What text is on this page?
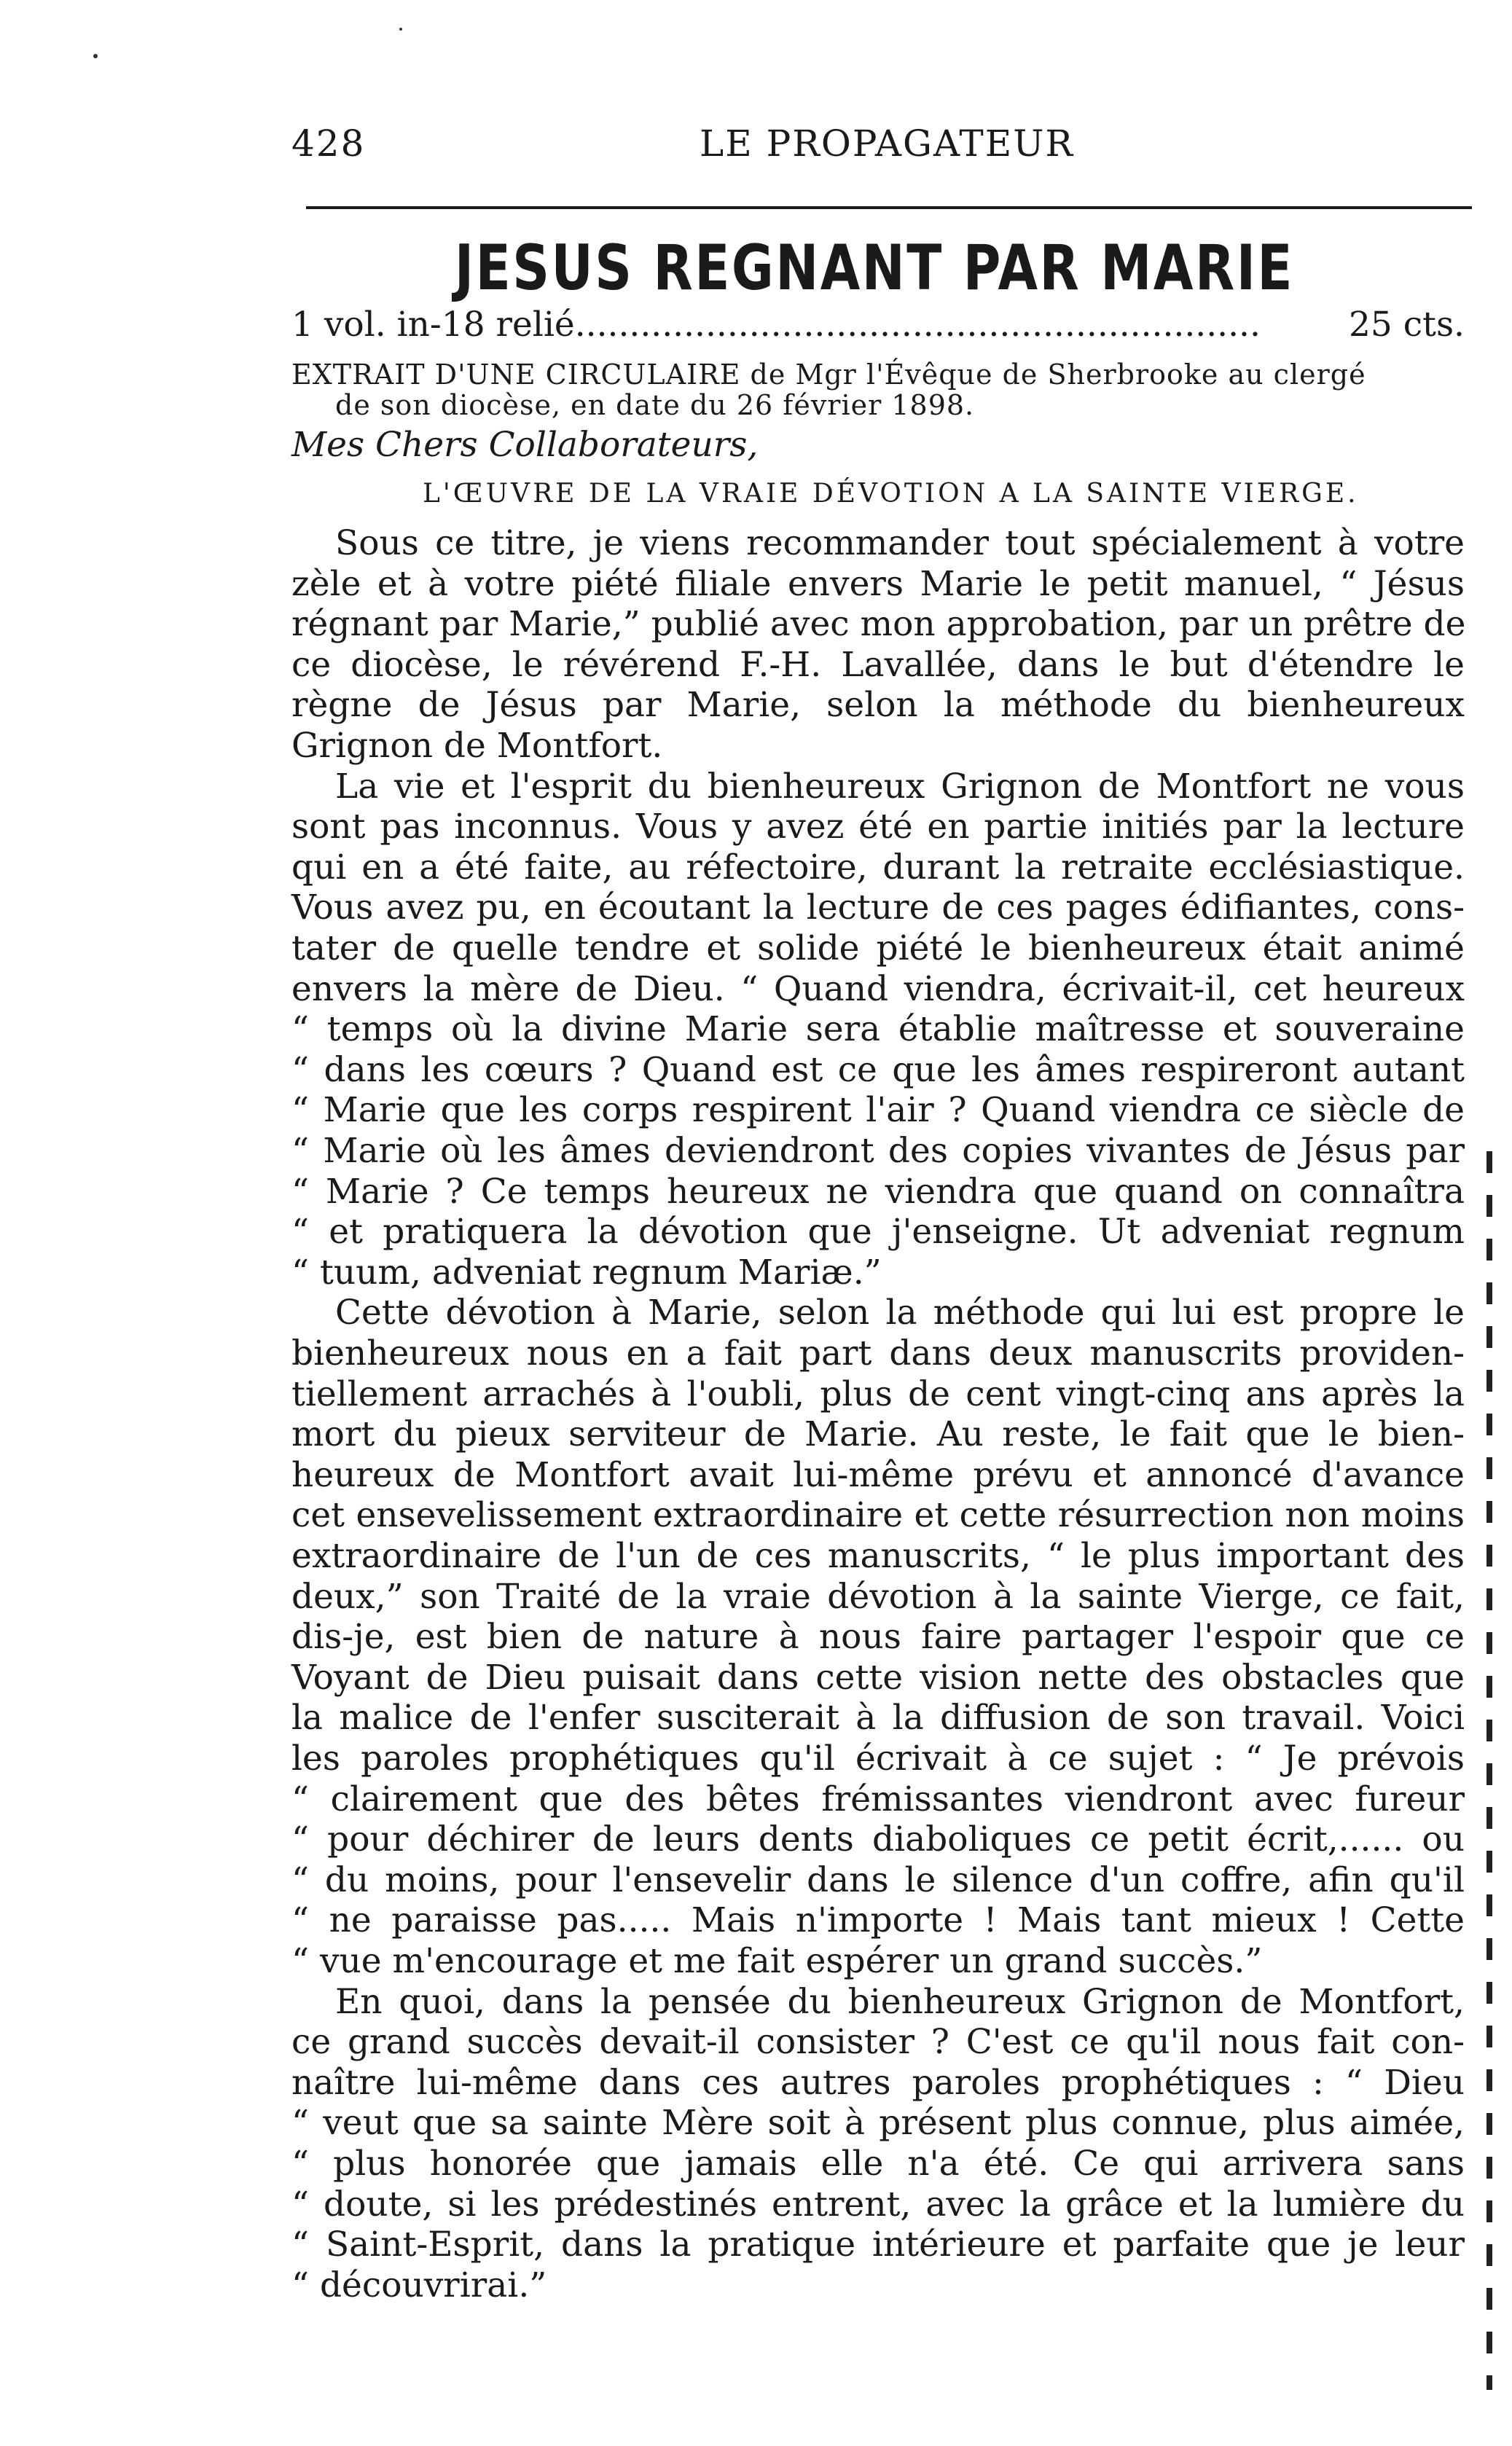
428	LE PROPAGATEUR
JESUS REGNANT PAR MARIE
1 vol. in-18 relié...............................................................	25 cts.
EXTRAIT D'UNE CIRCULAIRE de Mgr l'Évêque de Sherbrooke au clergé
de son diocèse, en date du 26 février 1898.
Mes Chers Collaborateurs,
L'ŒUVRE DE LA VRAIE DÉVOTION A LA SAINTE VIERGE.
Sous ce titre, je viens recommander tout spécialement à votre
zèle et à votre piété filiale envers Marie le petit manuel, “ Jésus
régnant par Marie,” publié avec mon approbation, par un prêtre de
ce diocèse, le révérend F.-H. Lavallée, dans le but d'étendre le
règne de Jésus par Marie, selon la méthode du bienheureux
Grignon de Montfort.
La vie et l'esprit du bienheureux Grignon de Montfort ne vous
sont pas inconnus. Vous y avez été en partie initiés par la lecture
qui en a été faite, au réfectoire, durant la retraite ecclésiastique.
Vous avez pu, en écoutant la lecture de ces pages édifiantes, cons-
tater de quelle tendre et solide piété le bienheureux était animé
envers la mère de Dieu. “ Quand viendra, écrivait-il, cet heureux
“ temps où la divine Marie sera établie maîtresse et souveraine
“ dans les cœurs ? Quand est ce que les âmes respireront autant
“ Marie que les corps respirent l'air ? Quand viendra ce siècle de
“ Marie où les âmes deviendront des copies vivantes de Jésus par
“ Marie ? Ce temps heureux ne viendra que quand on connaîtra
“ et pratiquera la dévotion que j'enseigne. Ut adveniat regnum
“ tuum, adveniat regnum Mariæ.”
Cette dévotion à Marie, selon la méthode qui lui est propre le
bienheureux nous en a fait part dans deux manuscrits providen-
tiellement arrachés à l'oubli, plus de cent vingt-cinq ans après la
mort du pieux serviteur de Marie. Au reste, le fait que le bien-
heureux de Montfort avait lui-même prévu et annoncé d'avance
cet ensevelissement extraordinaire et cette résurrection non moins
extraordinaire de l'un de ces manuscrits, “ le plus important des
deux,” son Traité de la vraie dévotion à la sainte Vierge, ce fait,
dis-je, est bien de nature à nous faire partager l'espoir que ce
Voyant de Dieu puisait dans cette vision nette des obstacles que
la malice de l'enfer susciterait à la diffusion de son travail. Voici
les paroles prophétiques qu'il écrivait à ce sujet : “ Je prévois
“ clairement que des bêtes frémissantes viendront avec fureur
“ pour déchirer de leurs dents diaboliques ce petit écrit,...... ou
“ du moins, pour l'ensevelir dans le silence d'un coffre, afin qu'il
“ ne paraisse pas..... Mais n'importe ! Mais tant mieux ! Cette
“ vue m'encourage et me fait espérer un grand succès.”
En quoi, dans la pensée du bienheureux Grignon de Montfort,
ce grand succès devait-il consister ? C'est ce qu'il nous fait con-
naître lui-même dans ces autres paroles prophétiques : “ Dieu
“ veut que sa sainte Mère soit à présent plus connue, plus aimée,
“ plus honorée que jamais elle n'a été. Ce qui arrivera sans
“ doute, si les prédestinés entrent, avec la grâce et la lumière du
“ Saint-Esprit, dans la pratique intérieure et parfaite que je leur
“ découvrirai.”
